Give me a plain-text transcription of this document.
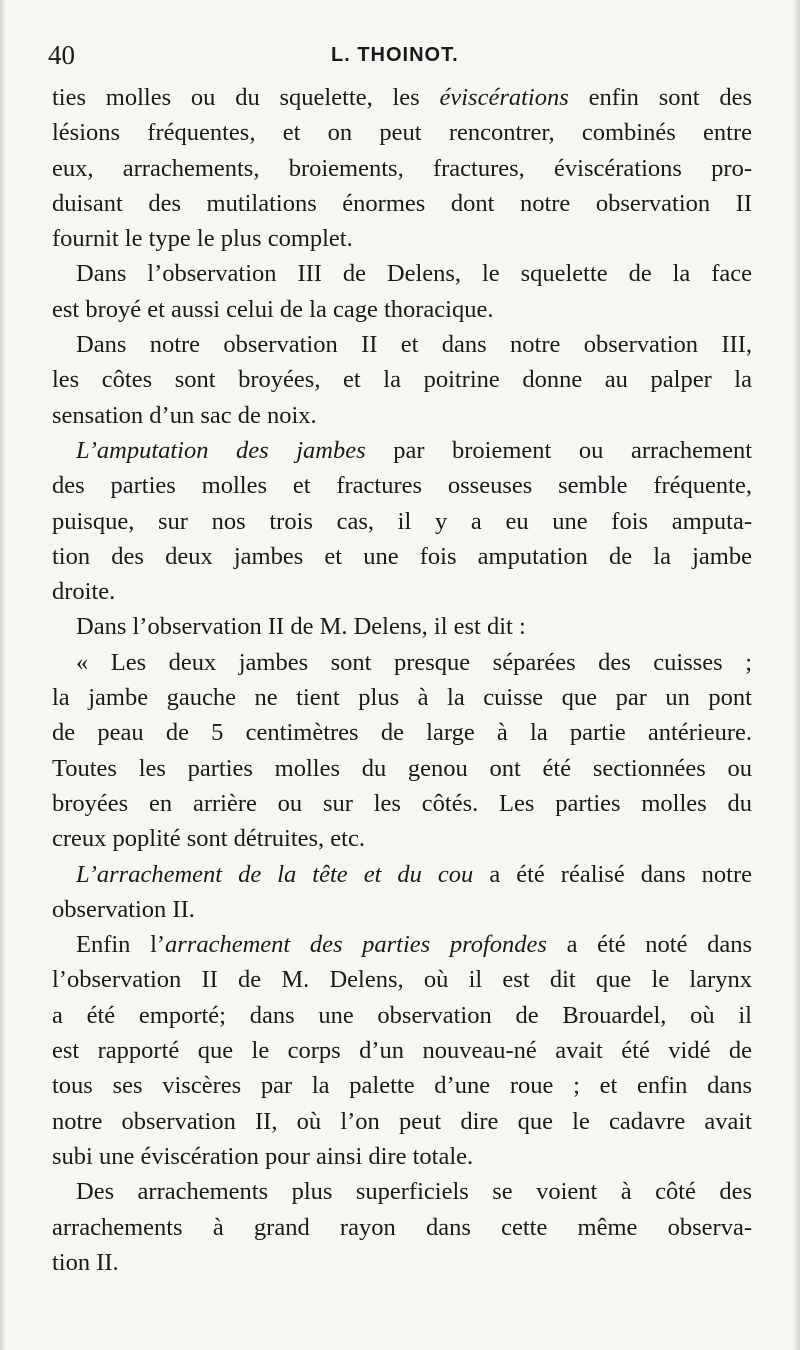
40	L. THOINOT.
ties molles ou du squelette, les éviscérations enfin sont des
lésions fréquentes, et on peut rencontrer, combinés entre
eux, arrachements, broiements, fractures, éviscérations pro-
duisant des mutilations énormes dont notre observation II
fournit le type le plus complet.
Dans l’observation III de Delens, le squelette de la face
est broyé et aussi celui de la cage thoracique.
Dans notre observation II et dans notre observation III,
les côtes sont broyées, et la poitrine donne au palper la
sensation d’un sac de noix.
L’amputation des jambes par broiement ou arrachement
des parties molles et fractures osseuses semble fréquente,
puisque, sur nos trois cas, il y a eu une fois amputa-
tion des deux jambes et une fois amputation de la jambe
droite.
Dans l’observation II de M. Delens, il est dit :
« Les deux jambes sont presque séparées des cuisses ;
la jambe gauche ne tient plus à la cuisse que par un pont
de peau de 5 centimètres de large à la partie antérieure.
Toutes les parties molles du genou ont été sectionnées ou
broyées en arrière ou sur les côtés. Les parties molles du
creux poplité sont détruites, etc.
L’arrachement de la tête et du cou a été réalisé dans notre
observation II.
Enfin l’arrachement des parties profondes a été noté dans
l’observation II de M. Delens, où il est dit que le larynx
a été emporté; dans une observation de Brouardel, où il
est rapporté que le corps d’un nouveau-né avait été vidé de
tous ses viscères par la palette d’une roue ; et enfin dans
notre observation II, où l’on peut dire que le cadavre avait
subi une éviscération pour ainsi dire totale.
Des arrachements plus superficiels se voient à côté des
arrachements à grand rayon dans cette même observa-
tion II.
